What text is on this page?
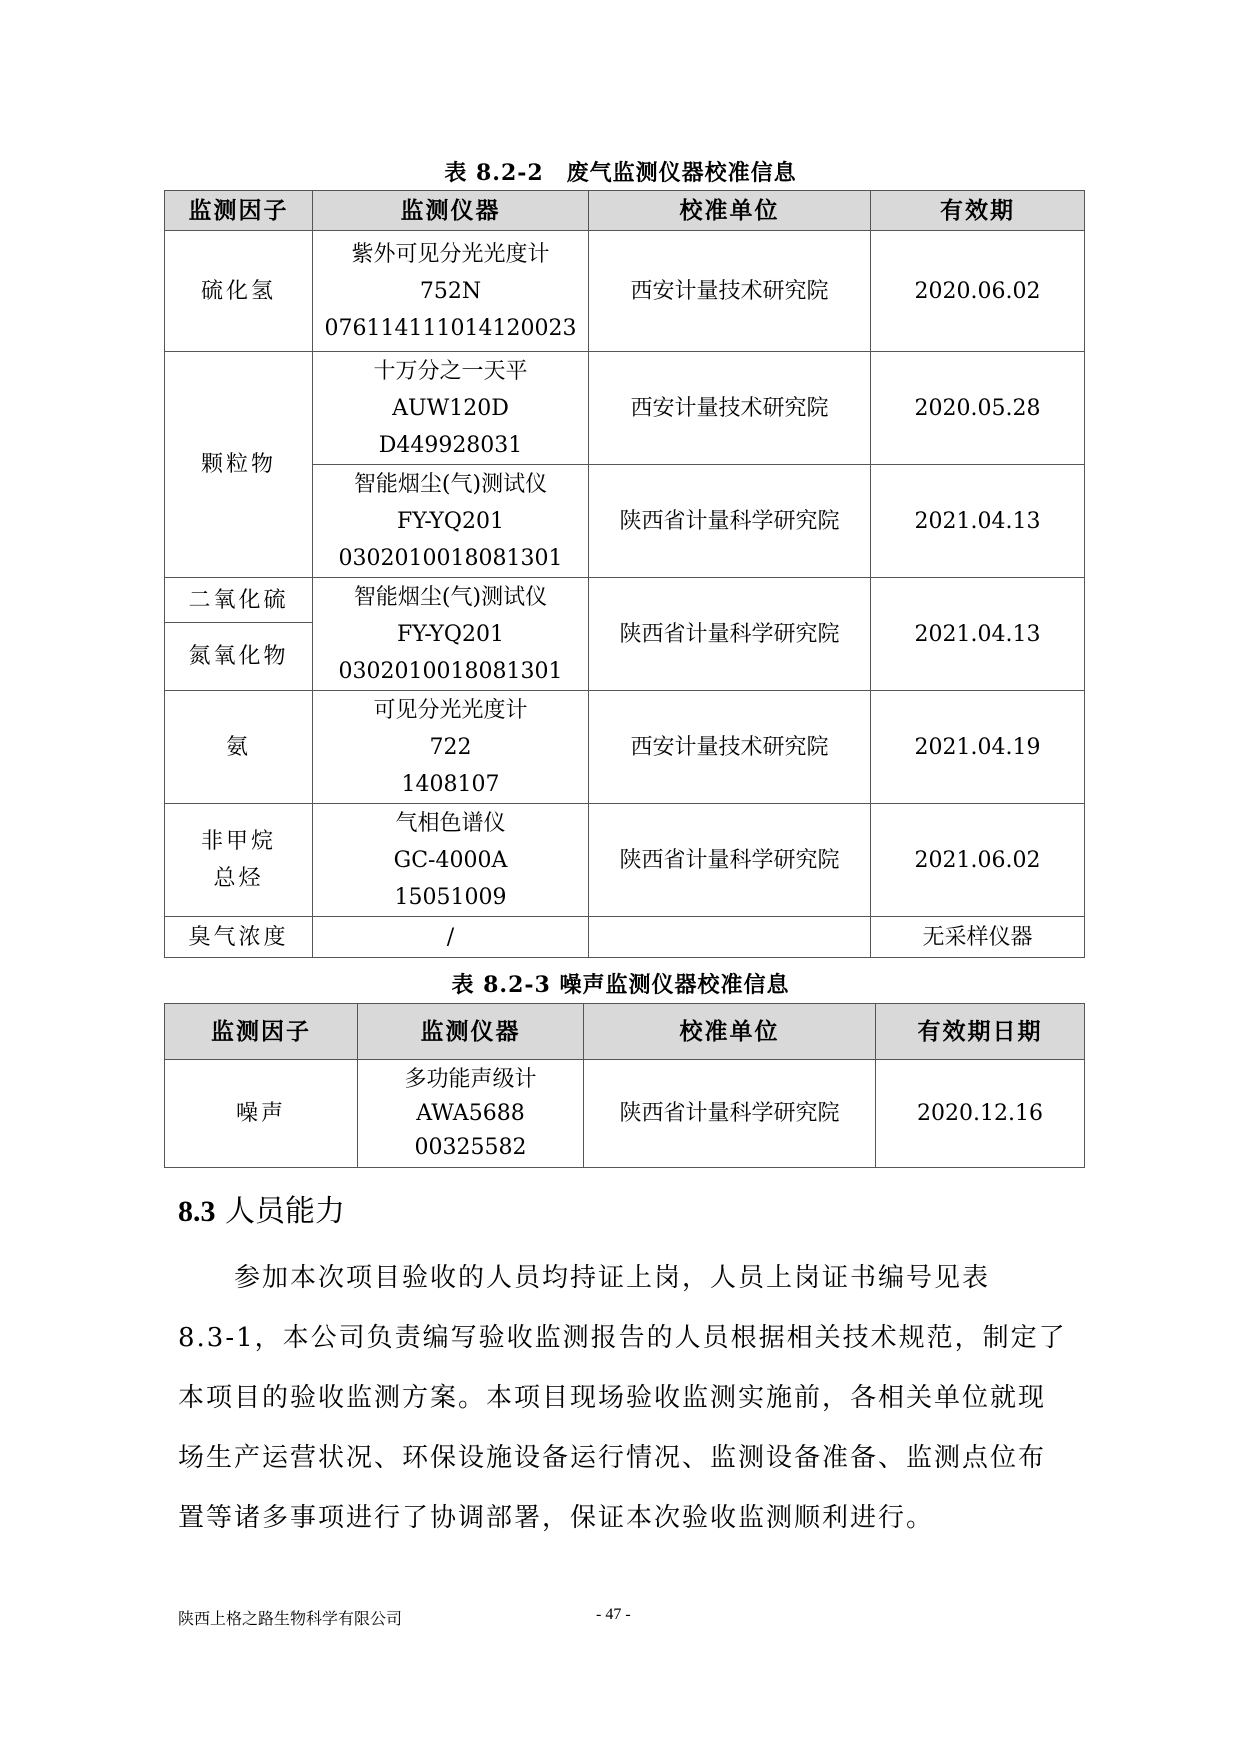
表 8.2-2　废气监测仪器校准信息
监测因子	监测仪器	校准单位	有效期
硫化氢	紫外可见分光光度计
752N
076114111014120023	西安计量技术研究院	2020.06.02
颗粒物	十万分之一天平
AUW120D
D449928031	西安计量技术研究院	2020.05.28

	智能烟尘(气)测试仪
FY-YQ201
0302010018081301	陕西省计量科学研究院	2021.04.13
二氧化硫	智能烟尘(气)测试仪
FY-YQ201
0302010018081301	陕西省计量科学研究院	2021.04.13
氮氧化物			
氨	可见分光光度计
722
1408107	西安计量技术研究院	2021.04.19

非甲烷
总烃	气相色谱仪
GC-4000A
15051009	陕西省计量科学研究院	2021.06.02
臭气浓度	/		无采样仪器
表 8.2-3 噪声监测仪器校准信息
监测因子	监测仪器	校准单位	有效期日期
噪声	多功能声级计
AWA5688
00325582	陕西省计量科学研究院	2020.12.16
8.3 人员能力
　　参加本次项目验收的人员均持证上岗，人员上岗证书编号见表
8.3-1，本公司负责编写验收监测报告的人员根据相关技术规范，制定了
本项目的验收监测方案。本项目现场验收监测实施前，各相关单位就现
场生产运营状况、环保设施设备运行情况、监测设备准备、监测点位布
置等诸多事项进行了协调部署，保证本次验收监测顺利进行。
陕西上格之路生物科学有限公司	- 47 -
